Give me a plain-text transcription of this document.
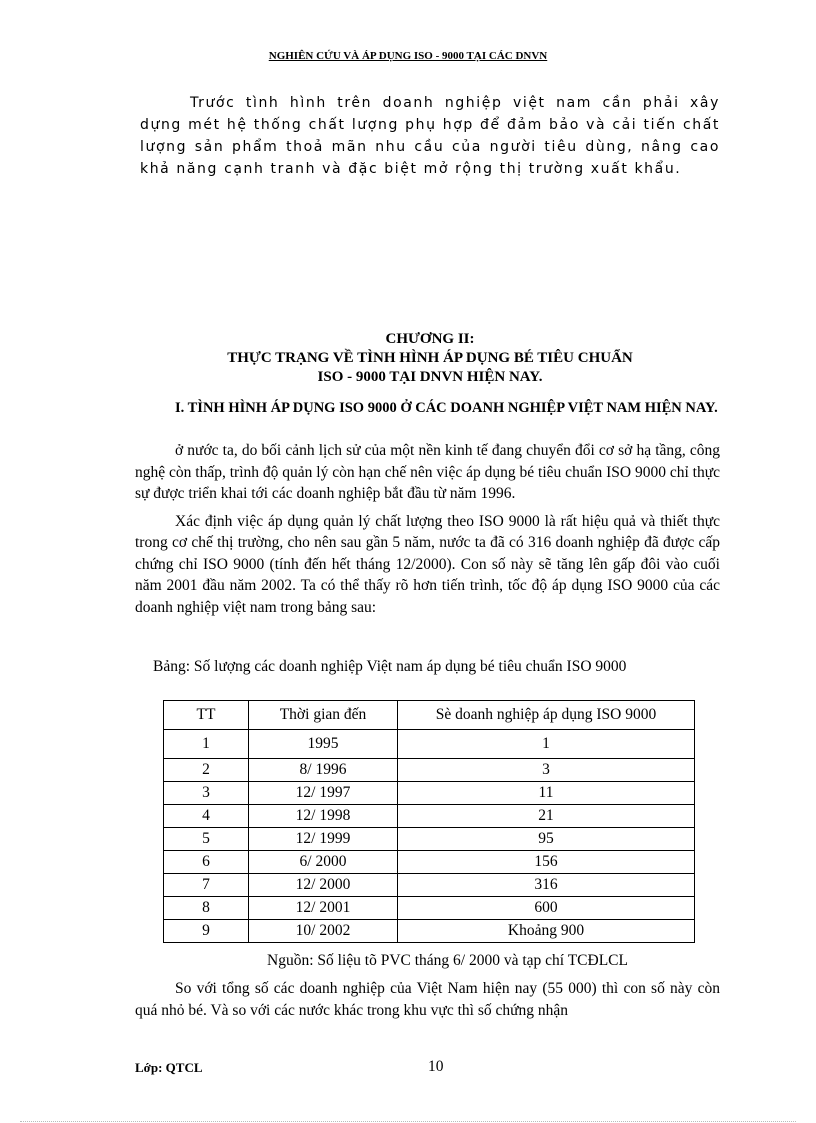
NGHIÊN CỨU VÀ ÁP DỤNG ISO - 9000 TẠI CÁC DNVN

Trước tình hình trên doanh nghiệp việt nam cần phải xây dựng mét hệ thống chất lượng phụ hợp để đảm bảo và cải tiến chất lượng sản phẩm thoả mãn nhu cầu của người tiêu dùng, nâng cao khả năng cạnh tranh và đặc biệt mở rộng thị trường xuất khẩu.

CHƯƠNG II:
THỰC TRẠNG VỀ TÌNH HÌNH ÁP DỤNG BÉ TIÊU CHUẨN
ISO - 9000 TẠI DNVN HIỆN NAY.
I. TÌNH HÌNH ÁP DỤNG ISO 9000 Ở CÁC DOANH NGHIỆP VIỆT NAM HIỆN NAY.

ở nước ta, do bối cảnh lịch sử của một nền kinh tế đang chuyển đổi cơ sở hạ tầng, công nghệ còn thấp, trình độ quản lý còn hạn chế nên việc áp dụng bé tiêu chuẩn ISO 9000 chỉ thực sự được triển khai tới các doanh nghiệp bắt đầu từ năm 1996.

Xác định việc áp dụng quản lý chất lượng theo ISO 9000 là rất hiệu quả và thiết thực trong cơ chế thị trường, cho nên sau gần 5 năm, nước ta đã có 316 doanh nghiệp đã được cấp chứng chỉ ISO 9000 (tính đến hết tháng 12/2000). Con số này sẽ tăng lên gấp đôi vào cuối năm 2001 đầu năm 2002. Ta có thể thấy rõ hơn tiến trình, tốc độ áp dụng ISO 9000 của các doanh nghiệp việt nam trong bảng sau:

Bảng: Số lượng các doanh nghiệp Việt nam áp dụng bé tiêu chuẩn ISO 9000
TT	Thời gian đến	Sè doanh nghiệp áp dụng ISO 9000
1	1995	1
2	8/ 1996	3
3	12/ 1997	11
4	12/ 1998	21
5	12/ 1999	95
6	6/ 2000	156
7	12/ 2000	316
8	12/ 2001	600
9	10/ 2002	Khoảng 900
Nguồn: Số liệu tõ PVC tháng 6/ 2000 và tạp chí TCĐLCL

So với tổng số các doanh nghiệp của Việt Nam hiện nay (55 000) thì con số này còn quá nhỏ bé. Và so với các nước khác trong khu vực thì số chứng nhận

Lớp: QTCL	10
